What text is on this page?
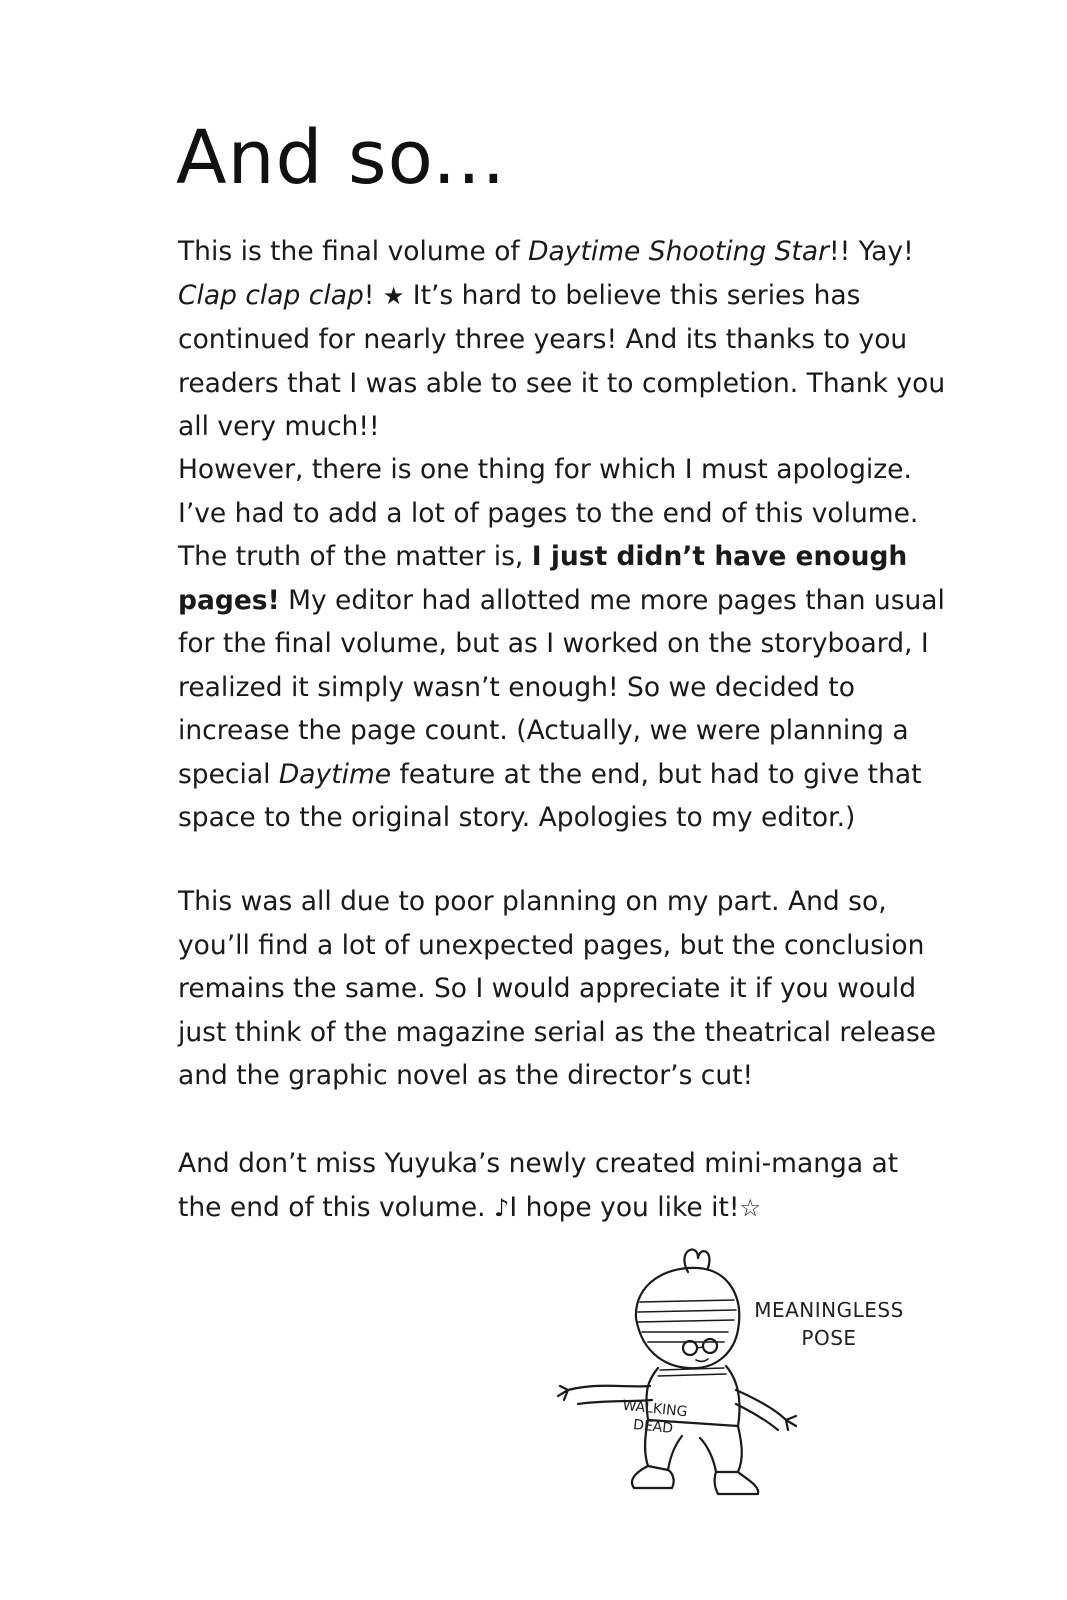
And so...

This is the final volume of Daytime Shooting Star!! Yay! Clap clap clap! ★ It’s hard to believe this series has continued for nearly three years! And its thanks to you readers that I was able to see it to completion. Thank you all very much!!

However, there is one thing for which I must apologize. I’ve had to add a lot of pages to the end of this volume. The truth of the matter is, I just didn’t have enough pages! My editor had allotted me more pages than usual for the final volume, but as I worked on the storyboard, I realized it simply wasn’t enough! So we decided to increase the page count. (Actually, we were planning a special Daytime feature at the end, but had to give that space to the original story. Apologies to my editor.)

This was all due to poor planning on my part. And so, you’ll find a lot of unexpected pages, but the conclusion remains the same. So I would appreciate it if you would just think of the magazine serial as the theatrical release and the graphic novel as the director’s cut!

And don’t miss Yuyuka’s newly created mini-manga at the end of this volume. ♪I hope you like it!☆

MEANINGLESS
POSE
WALKING
DEAD
